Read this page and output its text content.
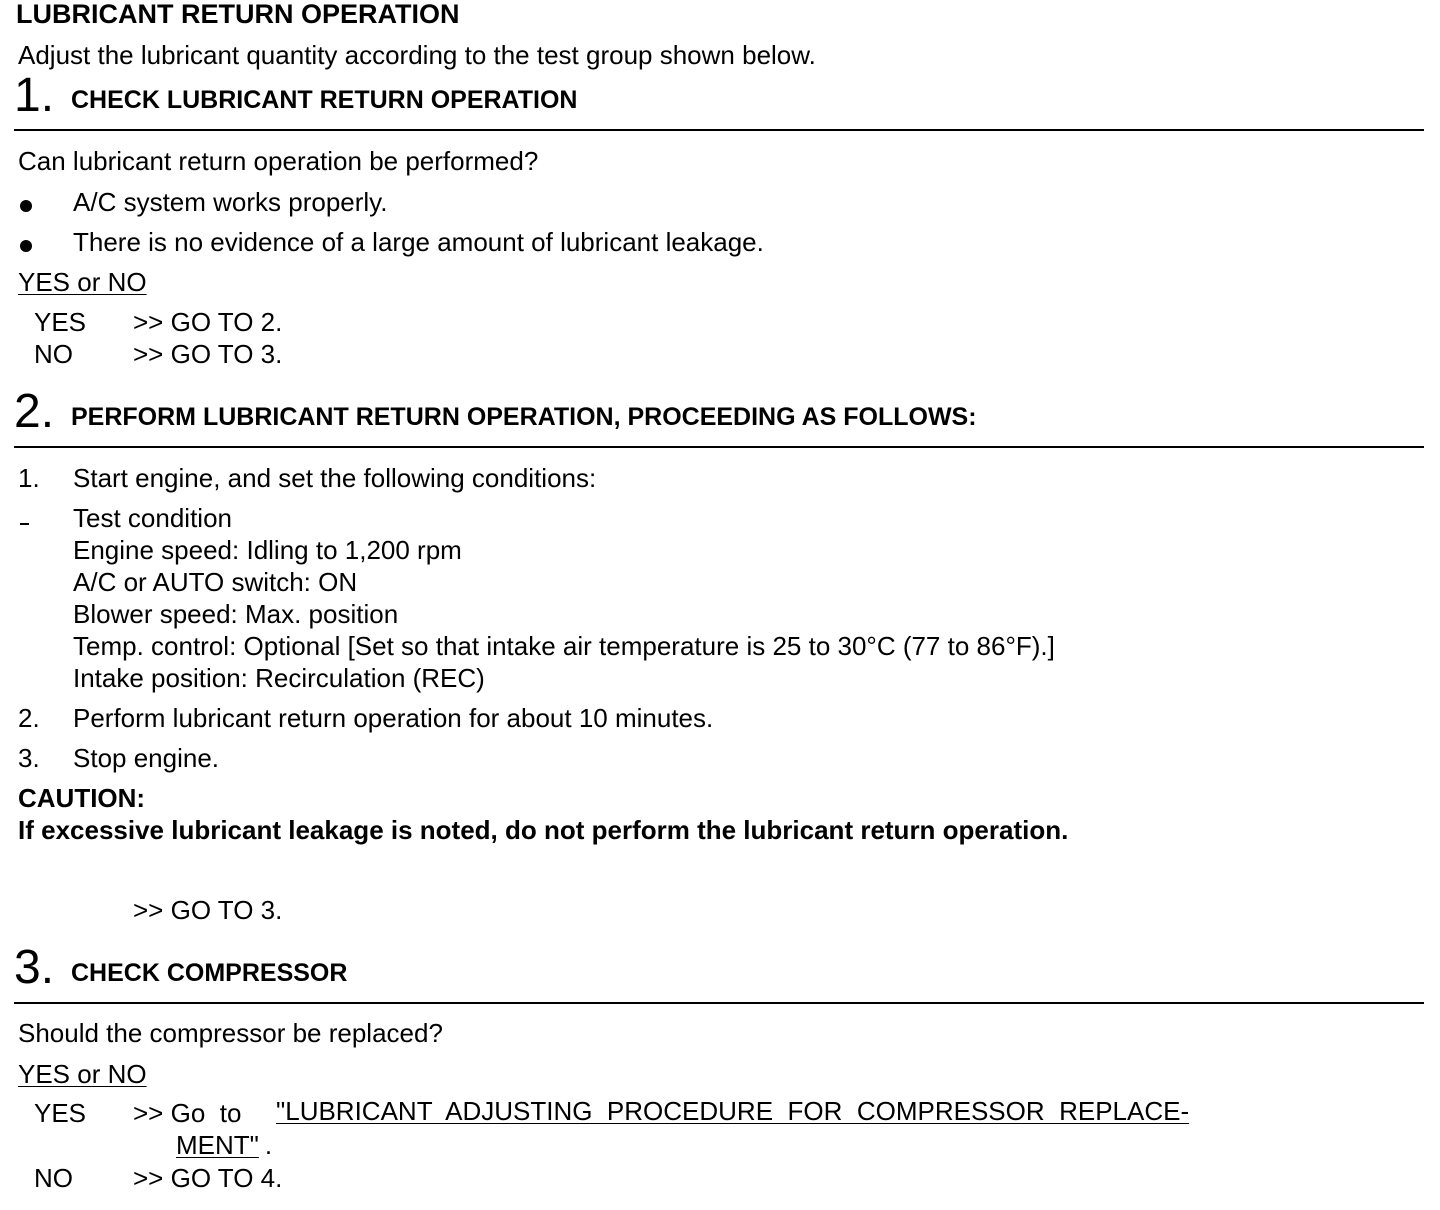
LUBRICANT RETURN OPERATION
Adjust the lubricant quantity according to the test group shown below.
1. CHECK LUBRICANT RETURN OPERATION
Can lubricant return operation be performed?
A/C system works properly.
There is no evidence of a large amount of lubricant leakage.
YES or NO
YES >> GO TO 2.
NO >> GO TO 3.
2. PERFORM LUBRICANT RETURN OPERATION, PROCEEDING AS FOLLOWS:
1. Start engine, and set the following conditions:
Test condition
Engine speed: Idling to 1,200 rpm
A/C or AUTO switch: ON
Blower speed: Max. position
Temp. control: Optional [Set so that intake air temperature is 25 to 30°C (77 to 86°F).]
Intake position: Recirculation (REC)
2. Perform lubricant return operation for about 10 minutes.
3. Stop engine.
CAUTION:
If excessive lubricant leakage is noted, do not perform the lubricant return operation.
>> GO TO 3.
3. CHECK COMPRESSOR
Should the compressor be replaced?
YES or NO
YES >> Go  to "LUBRICANT  ADJUSTING  PROCEDURE  FOR  COMPRESSOR  REPLACE-
MENT" .
NO >> GO TO 4.
